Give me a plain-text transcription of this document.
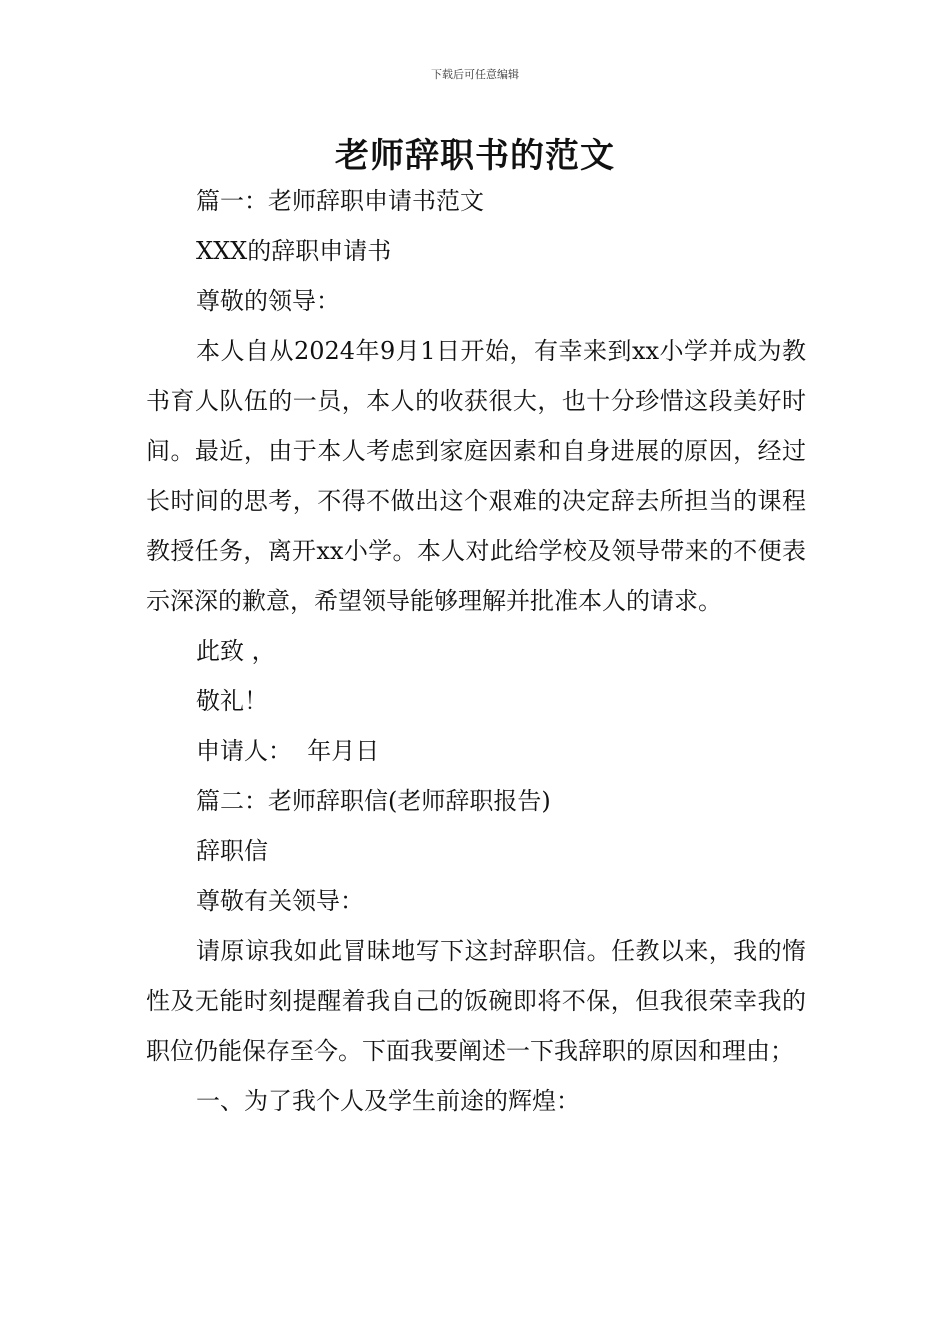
下载后可任意编辑
老师辞职书的范文

篇一：老师辞职申请书范文

XXX的辞职申请书

尊敬的领导：

本人自从2024年9月1日开始，有幸来到xx小学并成为教书育人队伍的一员，本人的收获很大，也十分珍惜这段美好时间。最近，由于本人考虑到家庭因素和自身进展的原因，经过长时间的思考，不得不做出这个艰难的决定辞去所担当的课程教授任务，离开xx小学。本人对此给学校及领导带来的不便表示深深的歉意，希望领导能够理解并批准本人的请求。

此致 ，

敬礼！

申请人：  年月日

篇二：老师辞职信(老师辞职报告)

辞职信

尊敬有关领导：

请原谅我如此冒昧地写下这封辞职信。任教以来，我的惰性及无能时刻提醒着我自己的饭碗即将不保，但我很荣幸我的职位仍能保存至今。下面我要阐述一下我辞职的原因和理由；

一、为了我个人及学生前途的辉煌：
